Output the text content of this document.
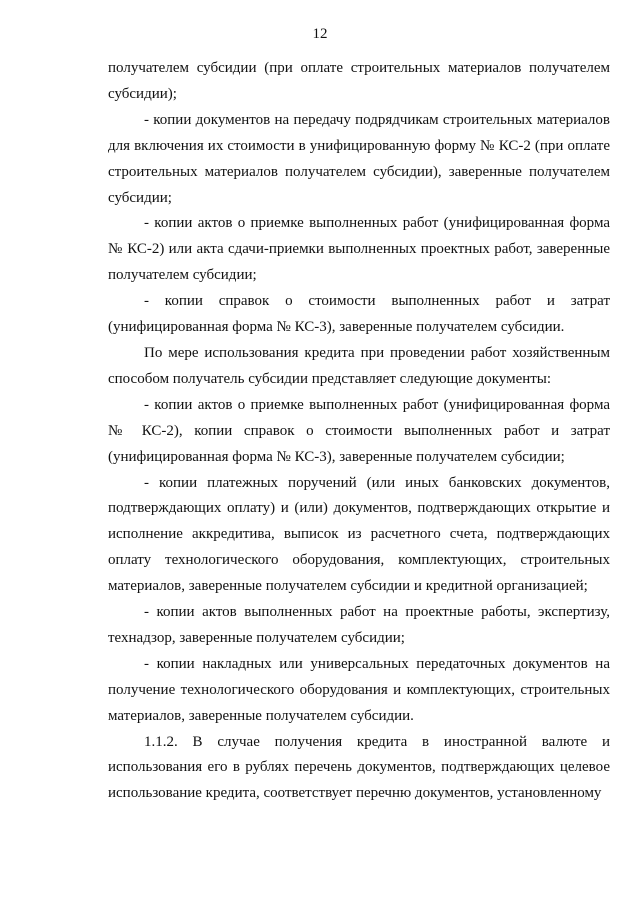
12

получателем субсидии (при оплате строительных материалов получателем субсидии);

- копии документов на передачу подрядчикам строительных материалов для включения их стоимости в унифицированную форму № КС-2 (при оплате строительных материалов получателем субсидии), заверенные получателем субсидии;

- копии актов о приемке выполненных работ (унифицированная форма № КС-2) или акта сдачи-приемки выполненных проектных работ, заверенные получателем субсидии;

- копии справок о стоимости выполненных работ и затрат (унифицированная форма № КС-3), заверенные получателем субсидии.

По мере использования кредита при проведении работ хозяйственным способом получатель субсидии представляет следующие документы:

- копии актов о приемке выполненных работ (унифицированная форма № КС-2), копии справок о стоимости выполненных работ и затрат (унифицированная форма № КС-3), заверенные получателем субсидии;

- копии платежных поручений (или иных банковских документов, подтверждающих оплату) и (или) документов, подтверждающих открытие и исполнение аккредитива, выписок из расчетного счета, подтверждающих оплату технологического оборудования, комплектующих, строительных материалов, заверенные получателем субсидии и кредитной организацией;

- копии актов выполненных работ на проектные работы, экспертизу, технадзор, заверенные получателем субсидии;

- копии накладных или универсальных передаточных документов на получение технологического оборудования и комплектующих, строительных материалов, заверенные получателем субсидии.

1.1.2. В случае получения кредита в иностранной валюте и использования его в рублях перечень документов, подтверждающих целевое использование кредита, соответствует перечню документов, установленному
